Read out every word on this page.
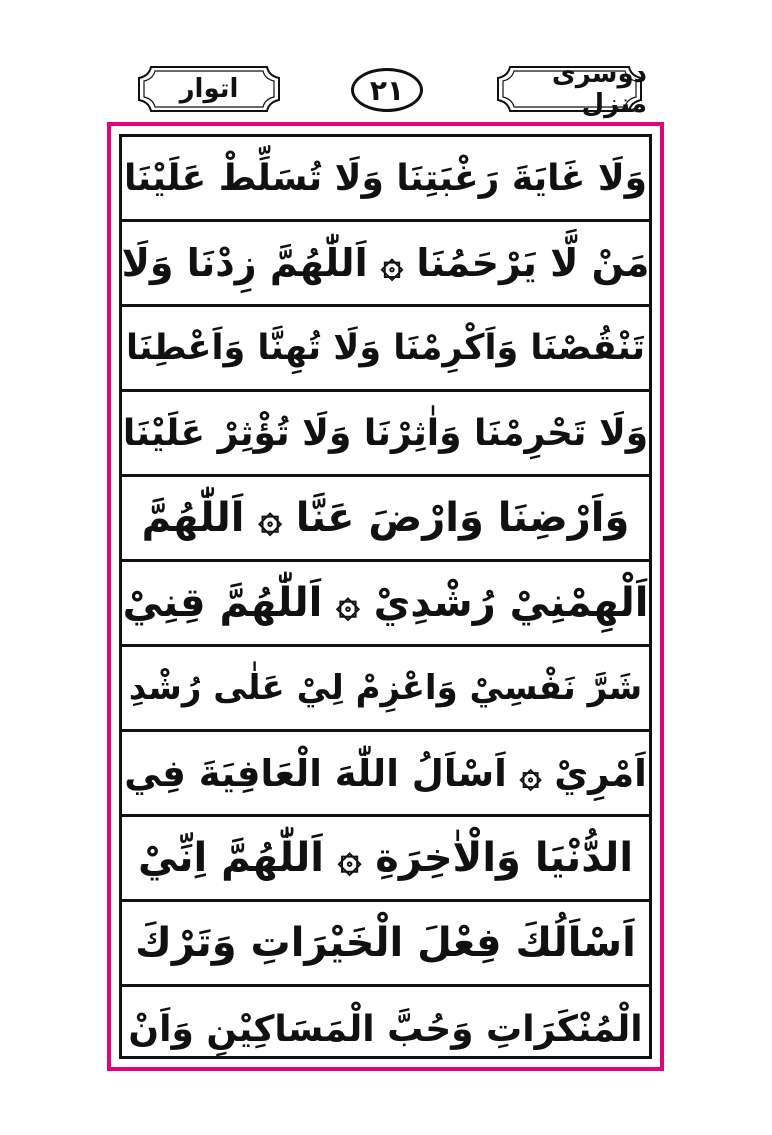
اتوار	۲۱	دوسری منزل
وَلَا غَايَةَ رَغْبَتِنَا وَلَا تُسَلِّطْ عَلَيْنَا
مَنْ لَّا يَرْحَمُنَا ۞ اَللّٰهُمَّ زِدْنَا وَلَا
تَنْقُصْنَا وَاَكْرِمْنَا وَلَا تُهِنَّا وَاَعْطِنَا
وَلَا تَحْرِمْنَا وَاٰثِرْنَا وَلَا تُؤْثِرْ عَلَيْنَا
وَاَرْضِنَا وَارْضَ عَنَّا ۞ اَللّٰهُمَّ
اَلْهِمْنِيْ رُشْدِيْ ۞ اَللّٰهُمَّ قِنِيْ
شَرَّ نَفْسِيْ وَاعْزِمْ لِيْ عَلٰى رُشْدِ
اَمْرِيْ ۞ اَسْاَلُ اللّٰهَ الْعَافِيَةَ فِي
الدُّنْيَا وَالْاٰخِرَةِ ۞ اَللّٰهُمَّ اِنِّيْ
اَسْاَلُكَ فِعْلَ الْخَيْرَاتِ وَتَرْكَ
الْمُنْكَرَاتِ وَحُبَّ الْمَسَاكِيْنِ وَاَنْ
